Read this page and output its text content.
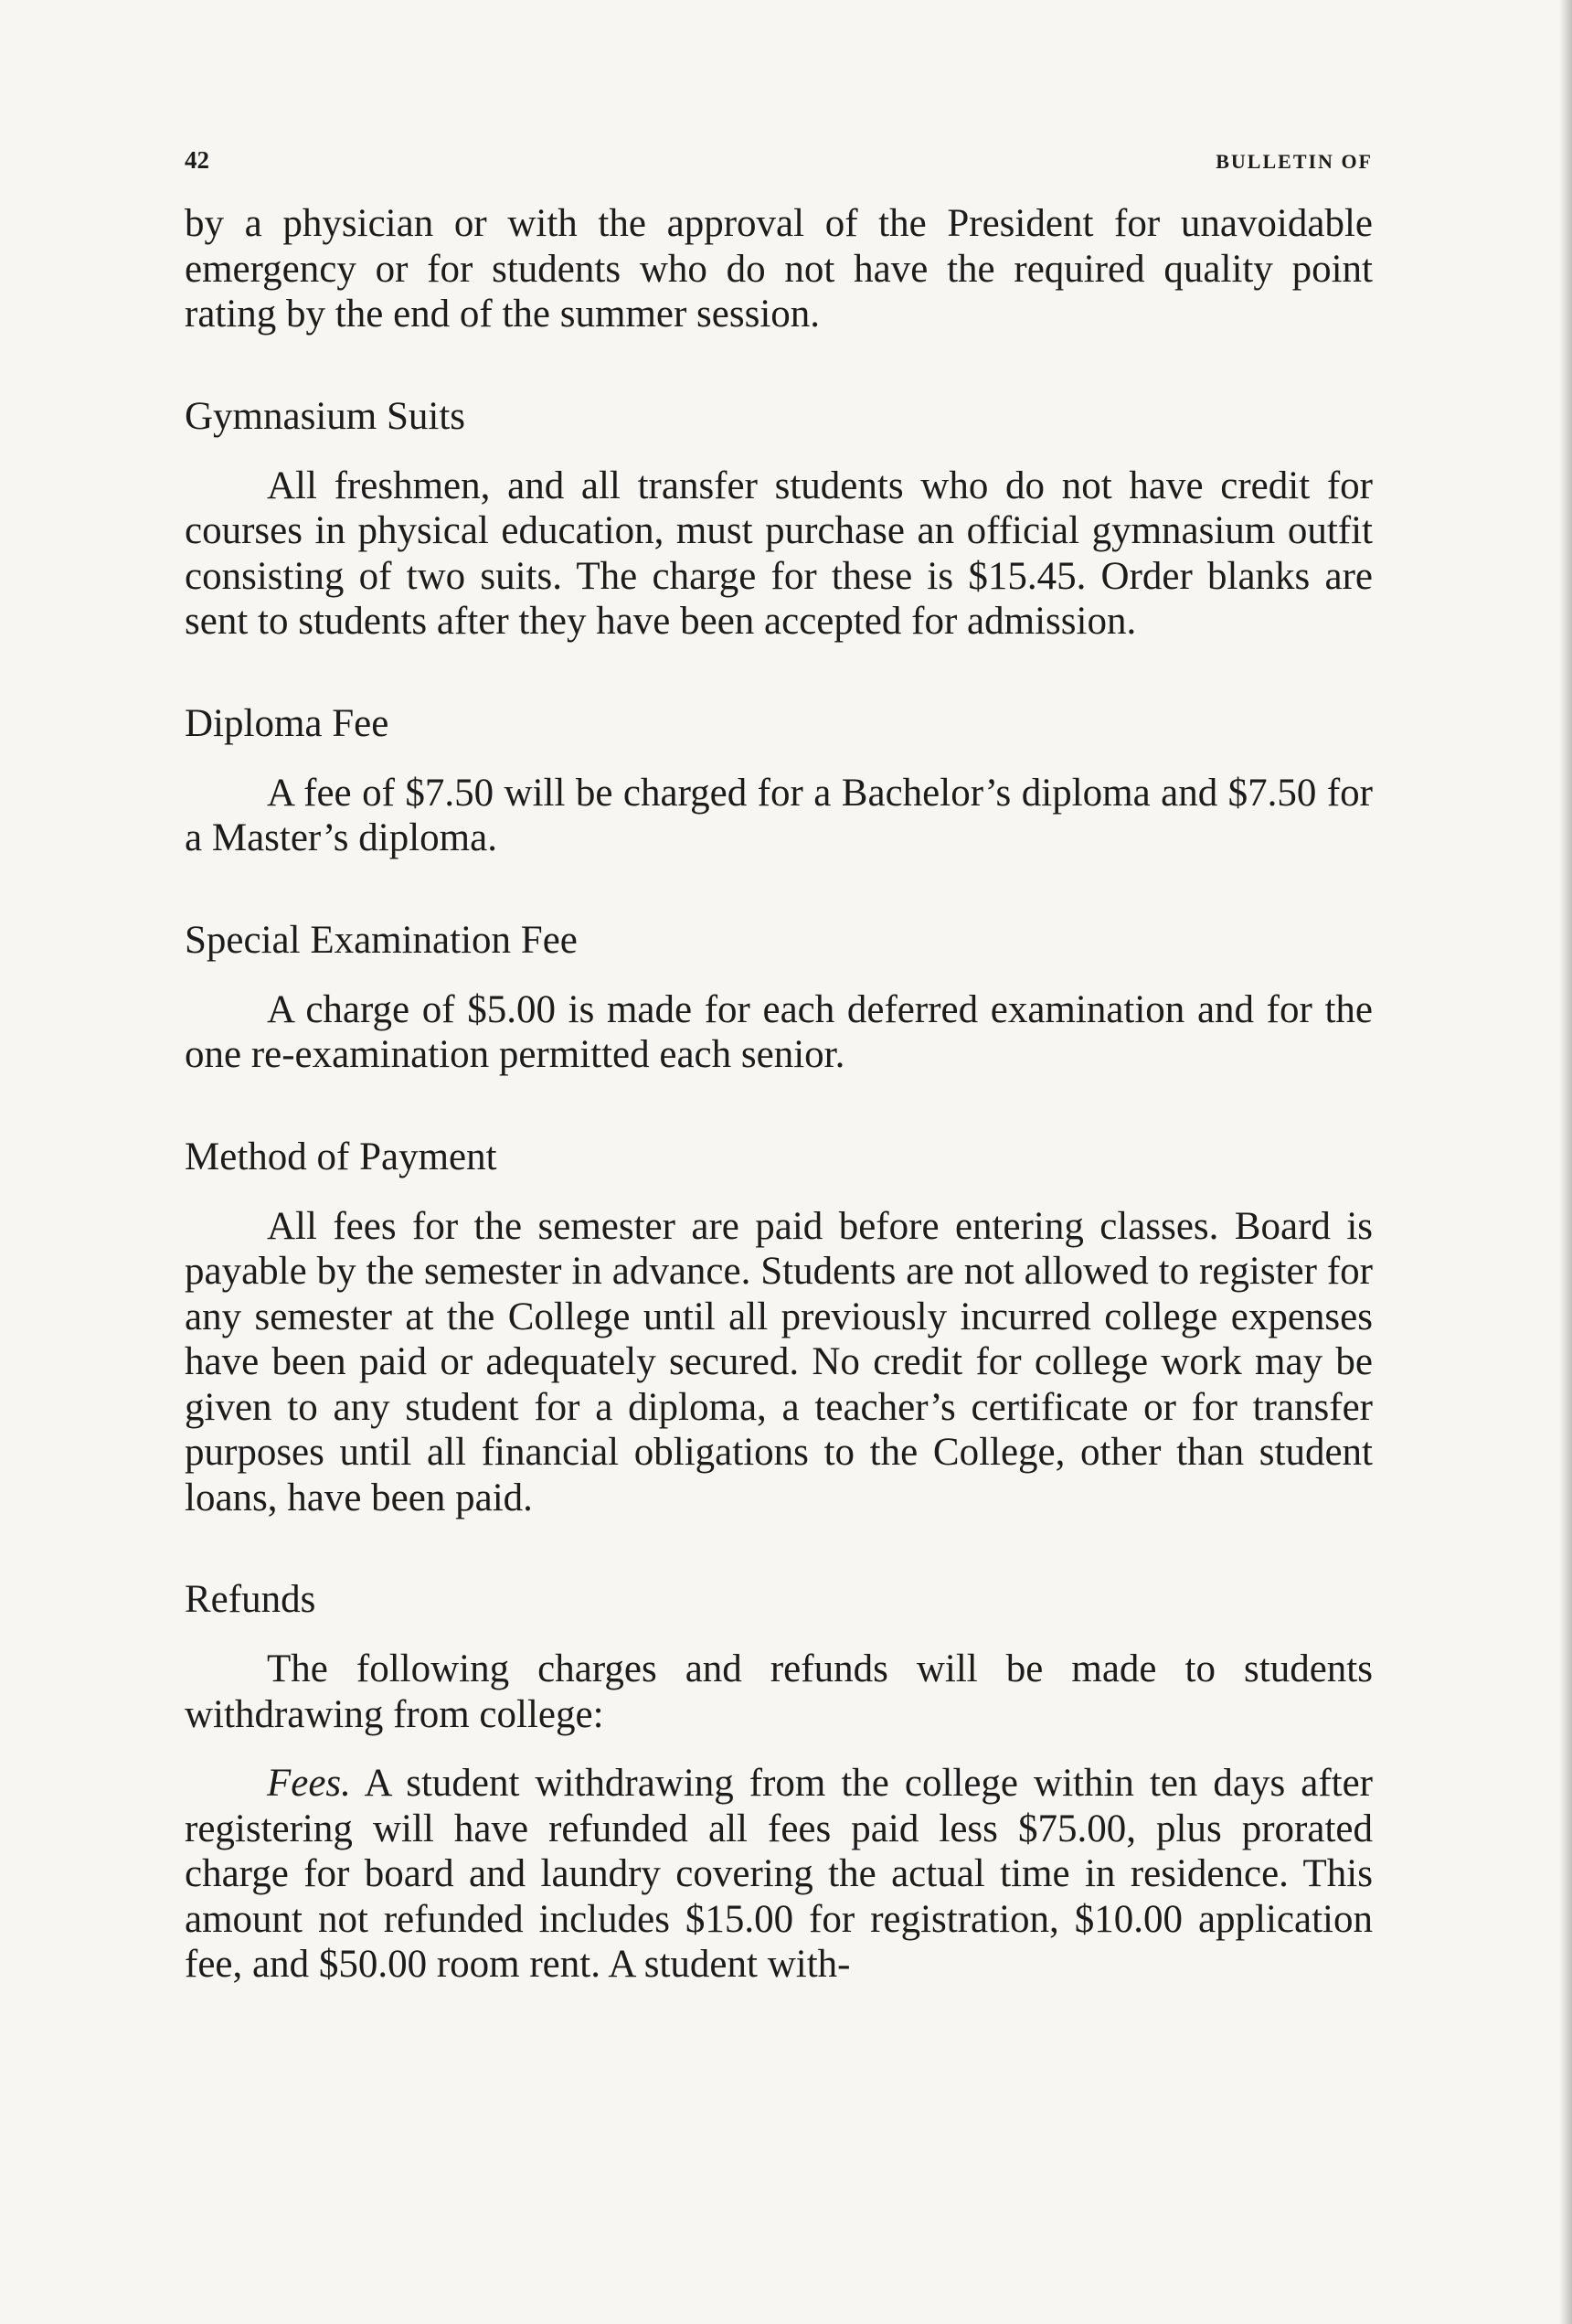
42	BULLETIN OF

by a physician or with the approval of the President for unavoidable emergency or for students who do not have the required quality point rating by the end of the summer session.

Gymnasium Suits

All freshmen, and all transfer students who do not have credit for courses in physical education, must purchase an official gymnasium outfit consisting of two suits. The charge for these is $15.45. Order blanks are sent to students after they have been accepted for admission.

Diploma Fee

A fee of $7.50 will be charged for a Bachelor’s diploma and $7.50 for a Master’s diploma.

Special Examination Fee

A charge of $5.00 is made for each deferred examination and for the one re-examination permitted each senior.

Method of Payment

All fees for the semester are paid before entering classes. Board is payable by the semester in advance. Students are not allowed to register for any semester at the College until all previously incurred college expenses have been paid or adequately secured. No credit for college work may be given to any student for a diploma, a teacher’s certificate or for transfer purposes until all financial obligations to the College, other than student loans, have been paid.

Refunds

The following charges and refunds will be made to students withdrawing from college:

Fees. A student withdrawing from the college within ten days after registering will have refunded all fees paid less $75.00, plus prorated charge for board and laundry covering the actual time in residence. This amount not refunded includes $15.00 for registration, $10.00 application fee, and $50.00 room rent. A student with-
